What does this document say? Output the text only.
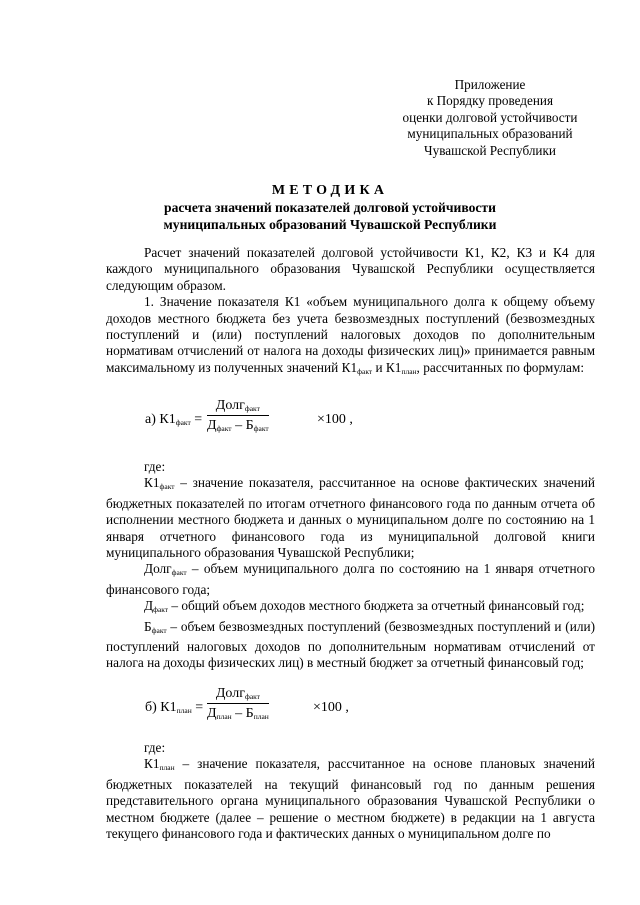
Приложение
к Порядку проведения
оценки долговой устойчивости
муниципальных образований
Чувашской Республики
МЕТОДИКА
расчета значений показателей долговой устойчивости
муниципальных образований Чувашской Республики

Расчет значений показателей долговой устойчивости К1, К2, К3 и К4 для каждого муниципального образования Чувашской Республики осуществляется следующим образом.

1. Значение показателя К1 «объем муниципального долга к общему объему доходов местного бюджета без учета безвозмездных поступлений (безвозмездных поступлений и (или) поступлений налоговых доходов по дополнительным нормативам отчислений от налога на доходы физических лиц)» принимается равным максимальному из полученных значений $К1_{факт}$ и $К1_{план}$, рассчитанных по формулам:

а) $К1_{факт}$ =
Долг$_{факт}$
$Д_{факт} - Б_{факт}$
×100 ,

где:

$К1_{факт}$ – значение показателя, рассчитанное на основе фактических значений бюджетных показателей по итогам отчетного финансового года по данным отчета об исполнении местного бюджета и данных о муниципальном долге по состоянию на 1 января отчетного финансового года из муниципальной долговой книги муниципального образования Чувашской Республики;

Долг$_{факт}$ – объем муниципального долга по состоянию на 1 января отчетного финансового года;

$Д_{факт}$ – общий объем доходов местного бюджета за отчетный финансовый год;

$Б_{факт}$ – объем безвозмездных поступлений (безвозмездных поступлений и (или) поступлений налоговых доходов по дополнительным нормативам отчислений от налога на доходы физических лиц) в местный бюджет за отчетный финансовый год;

б) $К1_{план}$ =
Долг$_{факт}$
$Д_{план} - Б_{план}$
×100 ,

где:

$К1_{план}$ – значение показателя, рассчитанное на основе плановых значений бюджетных показателей на текущий финансовый год по данным решения представительного органа муниципального образования Чувашской Республики о местном бюджете (далее – решение о местном бюджете) в редакции на 1 августа текущего финансового года и фактических данных о муниципальном долге по
